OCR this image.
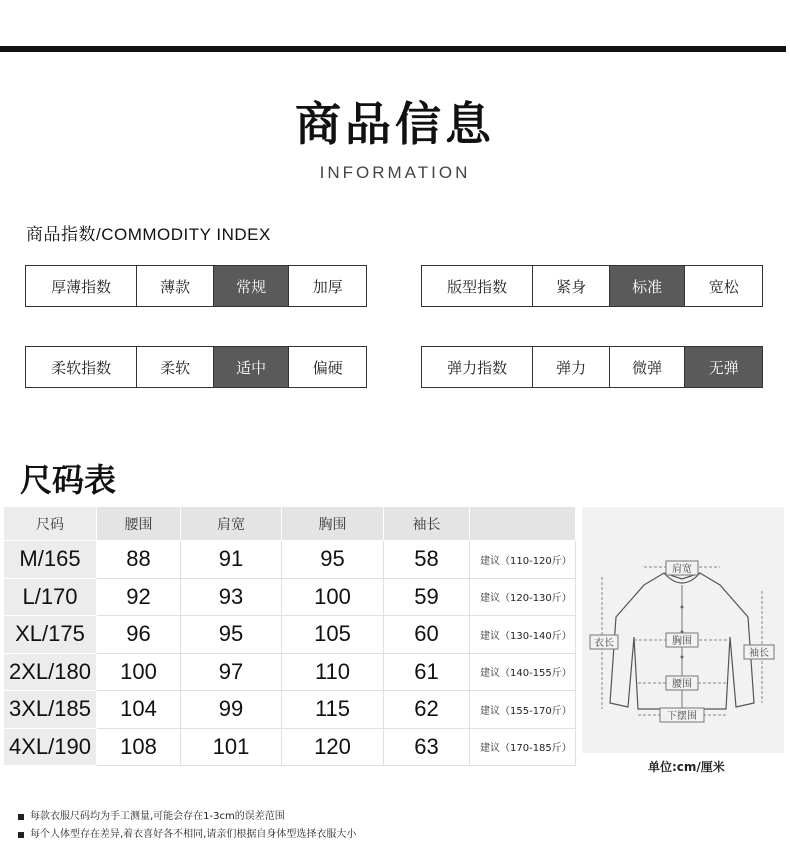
商品信息
INFORMATION
商品指数/COMMODITY INDEX
厚薄指数	薄款	常规	加厚	版型指数	紧身	标准	宽松
柔软指数	柔软	适中	偏硬	弹力指数	弹力	微弹	无弹
尺码表
尺码	腰围	肩宽	胸围	袖长
M/165	88	91	95	58	建议（110-120斤）
L/170	92	93	100	59	建议（120-130斤）
XL/175	96	95	105	60	建议（130-140斤）
2XL/180	100	97	110	61	建议（140-155斤）
3XL/185	104	99	115	62	建议（155-170斤）
4XL/190	108	101	120	63	建议（170-185斤）
肩宽
衣长	胸围
腰围
袖长
下摆围
单位:cm/厘米
每款衣服尺码均为手工测量,可能会存在1-3cm的误差范围
每个人体型存在差异,着衣喜好各不相同,请亲们根据自身体型选择衣服大小
